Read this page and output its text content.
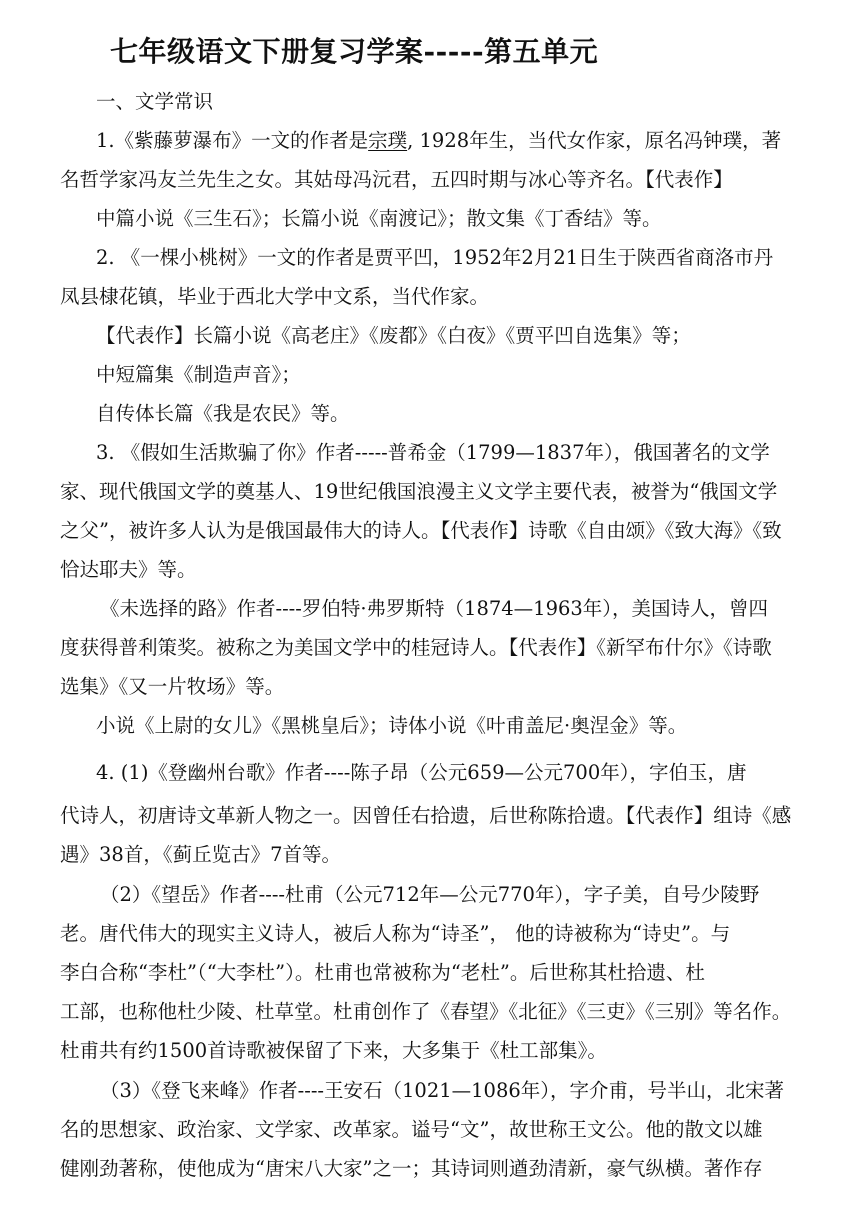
七年级语文下册复习学案-----第五单元
一、文学常识
1.《紫藤萝瀑布》一文的作者是宗璞, 1928年生，当代女作家，原名冯钟璞，著
名哲学家冯友兰先生之女。其姑母冯沅君，五四时期与冰心等齐名。【代表作】
中篇小说《三生石》；长篇小说《南渡记》；散文集《丁香结》等。
2. 《一棵小桃树》一文的作者是贾平凹，1952年2月21日生于陕西省商洛市丹
凤县棣花镇，毕业于西北大学中文系，当代作家。
【代表作】长篇小说《高老庄》《废都》《白夜》《贾平凹自选集》等；
中短篇集《制造声音》；
自传体长篇《我是农民》等。
3. 《假如生活欺骗了你》作者-----普希金（1799—1837年），俄国著名的文学
家、现代俄国文学的奠基人、19世纪俄国浪漫主义文学主要代表，被誉为“俄国文学
之父”，被许多人认为是俄国最伟大的诗人。【代表作】诗歌《自由颂》《致大海》《致
恰达耶夫》等。
《未选择的路》作者----罗伯特·弗罗斯特（1874—1963年），美国诗人，曾四
度获得普利策奖。被称之为美国文学中的桂冠诗人。【代表作】《新罕布什尔》《诗歌
选集》《又一片牧场》等。
小说《上尉的女儿》《黑桃皇后》；诗体小说《叶甫盖尼·奥涅金》等。
4. (1)《登幽州台歌》作者----陈子昂（公元659—公元700年），字伯玉，唐
代诗人，初唐诗文革新人物之一。因曾任右拾遗，后世称陈拾遗。【代表作】组诗《感
遇》38首，《蓟丘览古》7首等。
（2）《望岳》作者----杜甫（公元712年—公元770年），字子美，自号少陵野
老。唐代伟大的现实主义诗人，被后人称为“诗圣”， 他的诗被称为“诗史”。与
李白合称“李杜”（“大李杜”）。杜甫也常被称为“老杜”。后世称其杜拾遗、杜
工部，也称他杜少陵、杜草堂。杜甫创作了《春望》《北征》《三吏》《三别》等名作。
杜甫共有约1500首诗歌被保留了下来，大多集于《杜工部集》。
（3）《登飞来峰》作者----王安石（1021—1086年），字介甫，号半山，北宋著
名的思想家、政治家、文学家、改革家。谥号“文”，故世称王文公。他的散文以雄
健刚劲著称，使他成为“唐宋八大家”之一；其诗词则遒劲清新，豪气纵横。著作存
